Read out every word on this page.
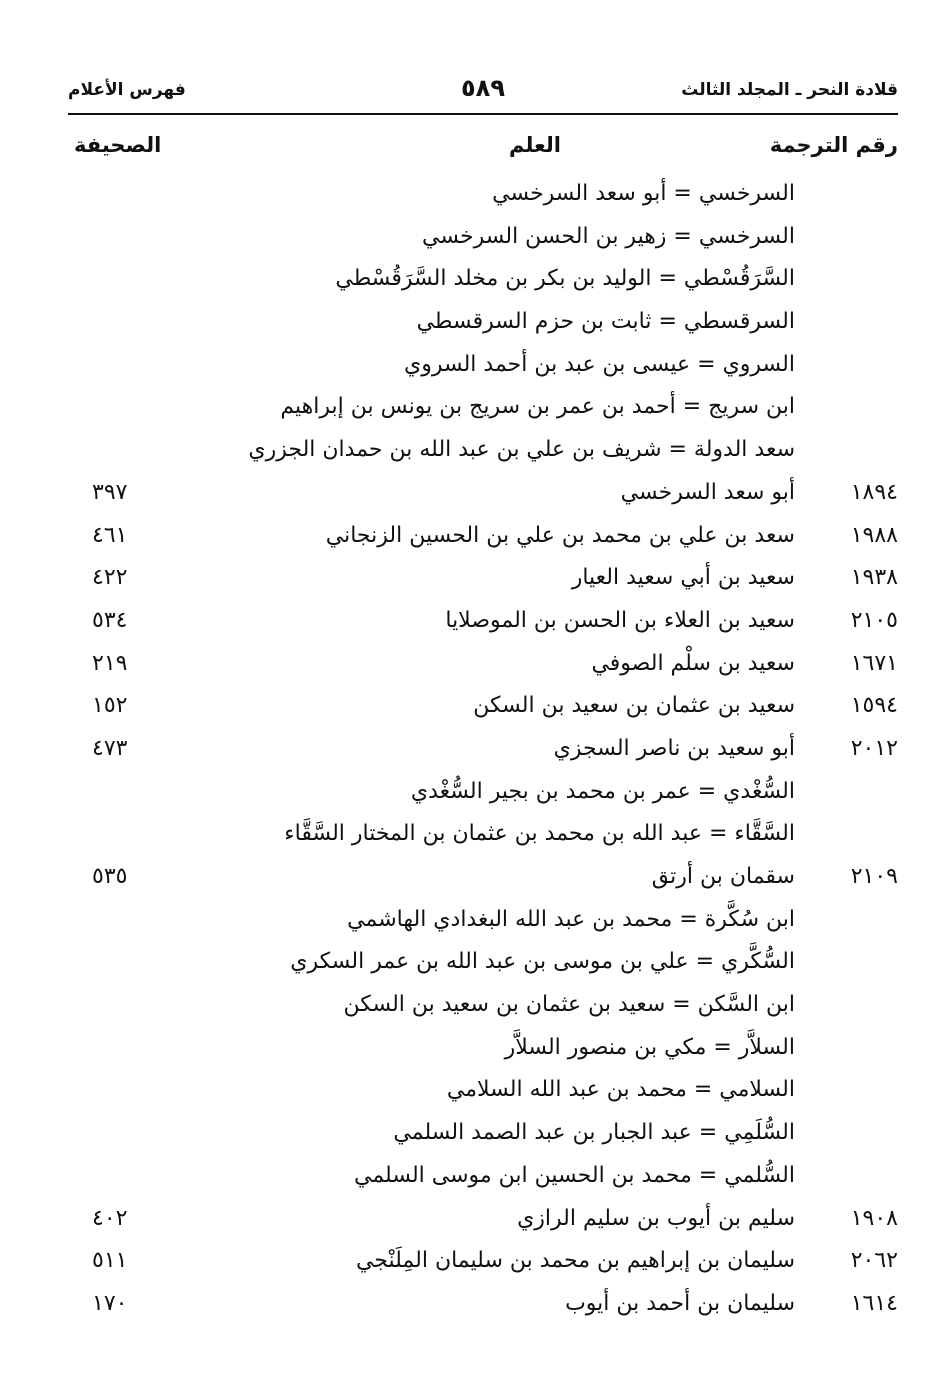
قلادة النحر ـ المجلد الثالث
٥٨٩
فهرس الأعلام
رقم الترجمة
العلم
الصحيفة
السرخسي = أبو سعد السرخسي
السرخسي = زهير بن الحسن السرخسي
السَّرَقُسْطي = الوليد بن بكر بن مخلد السَّرَقُسْطي
السرقسطي = ثابت بن حزم السرقسطي
السروي = عيسى بن عبد بن أحمد السروي
ابن سريج = أحمد بن عمر بن سريج بن يونس بن إبراهيم
سعد الدولة = شريف بن علي بن عبد الله بن حمدان الجزري
١٨٩٤
أبو سعد السرخسي
٣٩٧
١٩٨٨
سعد بن علي بن محمد بن علي بن الحسين الزنجاني
٤٦١
١٩٣٨
سعيد بن أبي سعيد العيار
٤٢٢
٢١٠٥
سعيد بن العلاء بن الحسن بن الموصلايا
٥٣٤
١٦٧١
سعيد بن سلْم الصوفي
٢١٩
١٥٩٤
سعيد بن عثمان بن سعيد بن السكن
١٥٢
٢٠١٢
أبو سعيد بن ناصر السجزي
٤٧٣
السُّغْدي = عمر بن محمد بن بجير السُّغْدي
السَّقَّاء = عبد الله بن محمد بن عثمان بن المختار السَّقَّاء
٢١٠٩
سقمان بن أرتق
٥٣٥
ابن سُكَّرة = محمد بن عبد الله البغدادي الهاشمي
السُّكَّري = علي بن موسى بن عبد الله بن عمر السكري
ابن السَّكن = سعيد بن عثمان بن سعيد بن السكن
السلاَّر = مكي بن منصور السلاَّر
السلامي = محمد بن عبد الله السلامي
السُّلَمِي = عبد الجبار بن عبد الصمد السلمي
السُّلمي = محمد بن الحسين ابن موسى السلمي
١٩٠٨
سليم بن أيوب بن سليم الرازي
٤٠٢
٢٠٦٢
سليمان بن إبراهيم بن محمد بن سليمان المِلَنْجي
٥١١
١٦١٤
سليمان بن أحمد بن أيوب
١٧٠
